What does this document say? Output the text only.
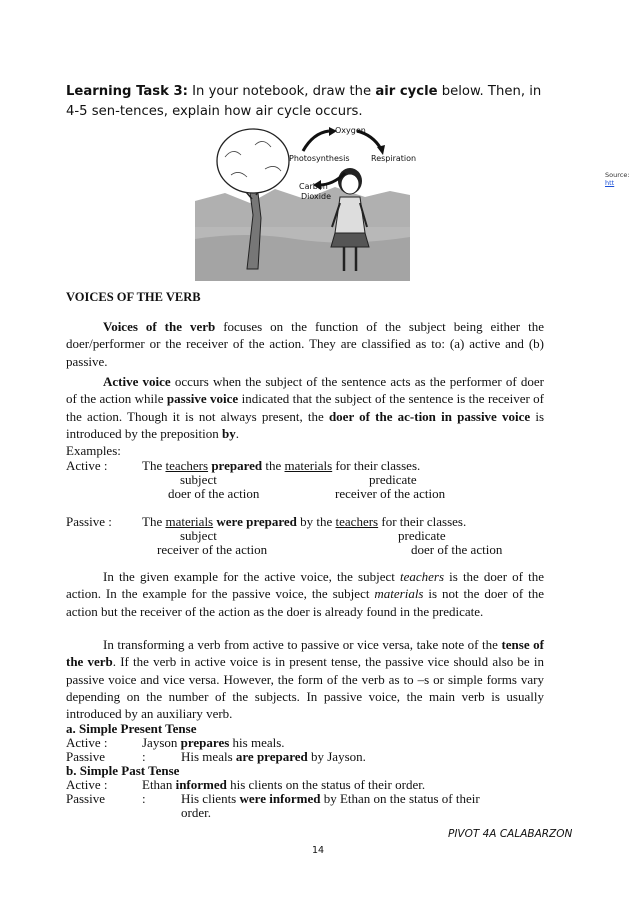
Learning Task 3: In your notebook, draw the air cycle below. Then, in 4-5 sen-tences, explain how air cycle occurs.
Oxygen
Photosynthesis	Respiration
Carbon
Dioxide
Source: htt
VOICES OF THE VERB
Voices of the verb focuses on the function of the subject being either the doer/performer or the receiver of the action. They are classified as to: (a) active and (b) passive.
Active voice occurs when the subject of the sentence acts as the performer of doer of the action while passive voice indicated that the subject of the sentence is the receiver of the action. Though it is not always present, the doer of the ac-tion in passive voice is introduced by the preposition by.
Examples:
Active :	The teachers prepared the materials for their classes.
subject	predicate
doer of the action	receiver of the action
Passive : The materials were prepared by the teachers for their classes.
subject	predicate
receiver of the action	doer of the action
In the given example for the active voice, the subject teachers is the doer of the action. In the example for the passive voice, the subject materials is not the doer of the action but the receiver of the action as the doer is already found in the predicate.
In transforming a verb from active to passive or vice versa, take note of the tense of the verb. If the verb in active voice is in present tense, the passive vice should also be in passive voice and vice versa. However, the form of the verb as to –s or simple forms vary depending on the number of the subjects. In passive voice, the main verb is usually introduced by an auxiliary verb.
a. Simple Present Tense
Active :	Jayson prepares his meals.
Passive	:	His meals are prepared by Jayson.
b. Simple Past Tense
Active :	Ethan informed his clients on the status of their order.
Passive	:	His clients were informed by Ethan on the status of their
order.
PIVOT 4A CALABARZON
14
